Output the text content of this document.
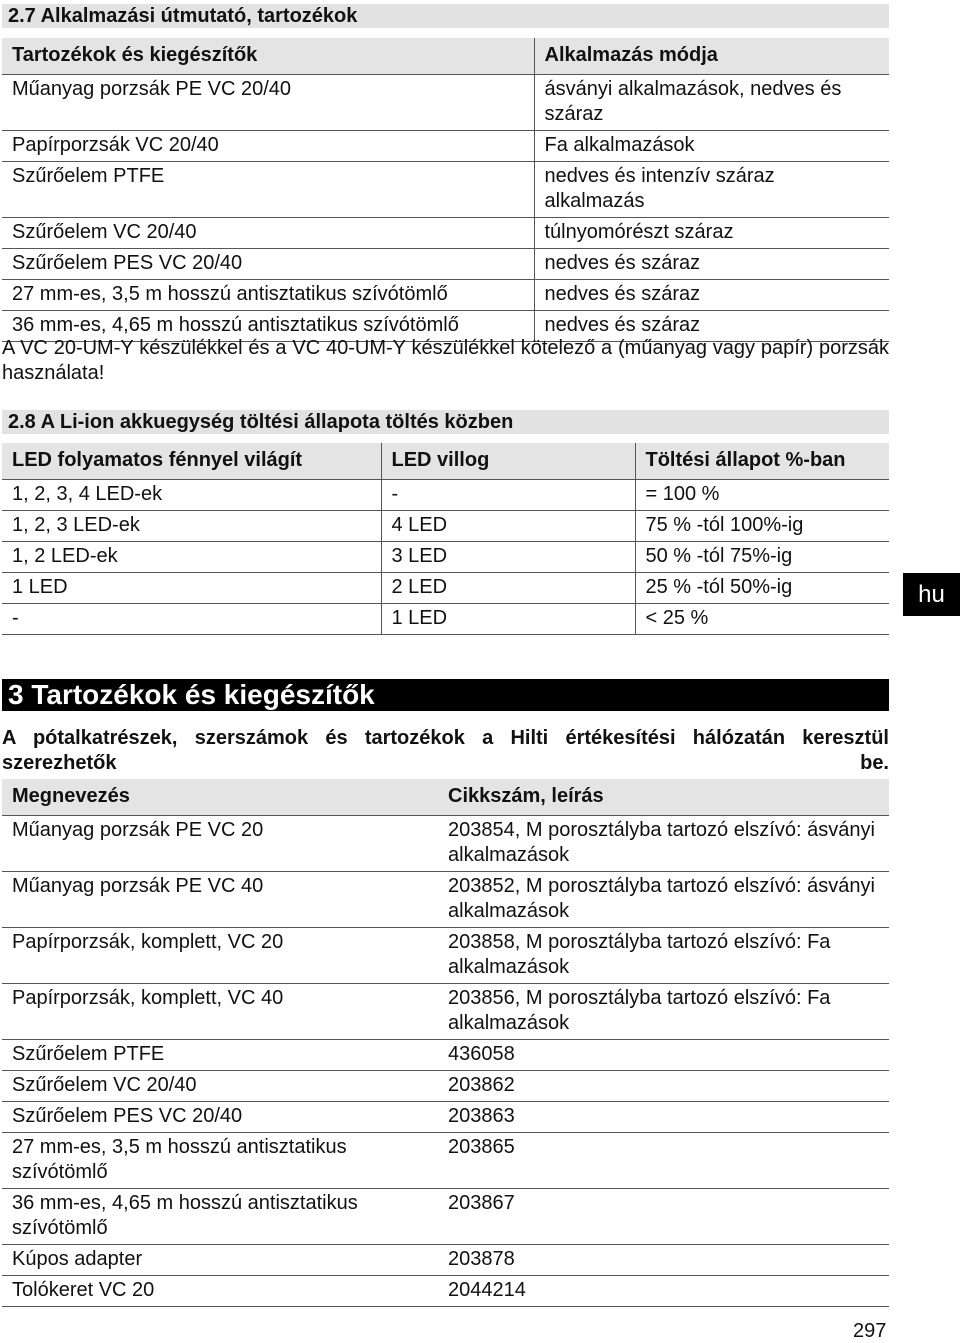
2.7 Alkalmazási útmutató, tartozékok
Tartozékok és kiegészítők	Alkalmazás módja
Műanyag porzsák PE VC 20/40	ásványi alkalmazások, nedves és száraz
Papírporzsák VC 20/40	Fa alkalmazások
Szűrőelem PTFE	nedves és intenzív száraz alkalmazás
Szűrőelem VC 20/40	túlnyomórészt száraz
Szűrőelem PES VC 20/40	nedves és száraz
27 mm-es, 3,5 m hosszú antisztatikus szívótömlő	nedves és száraz
36 mm-es, 4,65 m hosszú antisztatikus szívótömlő	nedves és száraz
A VC 20-UM-Y készülékkel és a VC 40-UM-Y készülékkel kötelező a (műanyag vagy papír) porzsák használata!
2.8 A Li-ion akkuegység töltési állapota töltés közben
LED folyamatos fénnyel világít	LED villog	Töltési állapot %-ban
1, 2, 3, 4 LED-ek	-	= 100 %
1, 2, 3 LED-ek	4 LED	75 % -tól 100%-ig
1, 2 LED-ek	3 LED	50 % -tól 75%-ig
1 LED	2 LED	25 % -tól 50%-ig
-	1 LED	< 25 %
hu
3 Tartozékok és kiegészítők
A pótalkatrészek, szerszámok és tartozékok a Hilti értékesítési hálózatán keresztül szerezhetők be.
Megnevezés	Cikkszám, leírás
Műanyag porzsák PE VC 20	203854, M porosztályba tartozó elszívó: ásványi alkalmazások
Műanyag porzsák PE VC 40	203852, M porosztályba tartozó elszívó: ásványi alkalmazások
Papírporzsák, komplett, VC 20	203858, M porosztályba tartozó elszívó: Fa alkalmazások
Papírporzsák, komplett, VC 40	203856, M porosztályba tartozó elszívó: Fa alkalmazások
Szűrőelem PTFE	436058
Szűrőelem VC 20/40	203862
Szűrőelem PES VC 20/40	203863
27 mm-es, 3,5 m hosszú antisztatikus szívótömlő	203865
36 mm-es, 4,65 m hosszú antisztatikus szívótömlő	203867
Kúpos adapter	203878
Tolókeret VC 20	2044214
297
